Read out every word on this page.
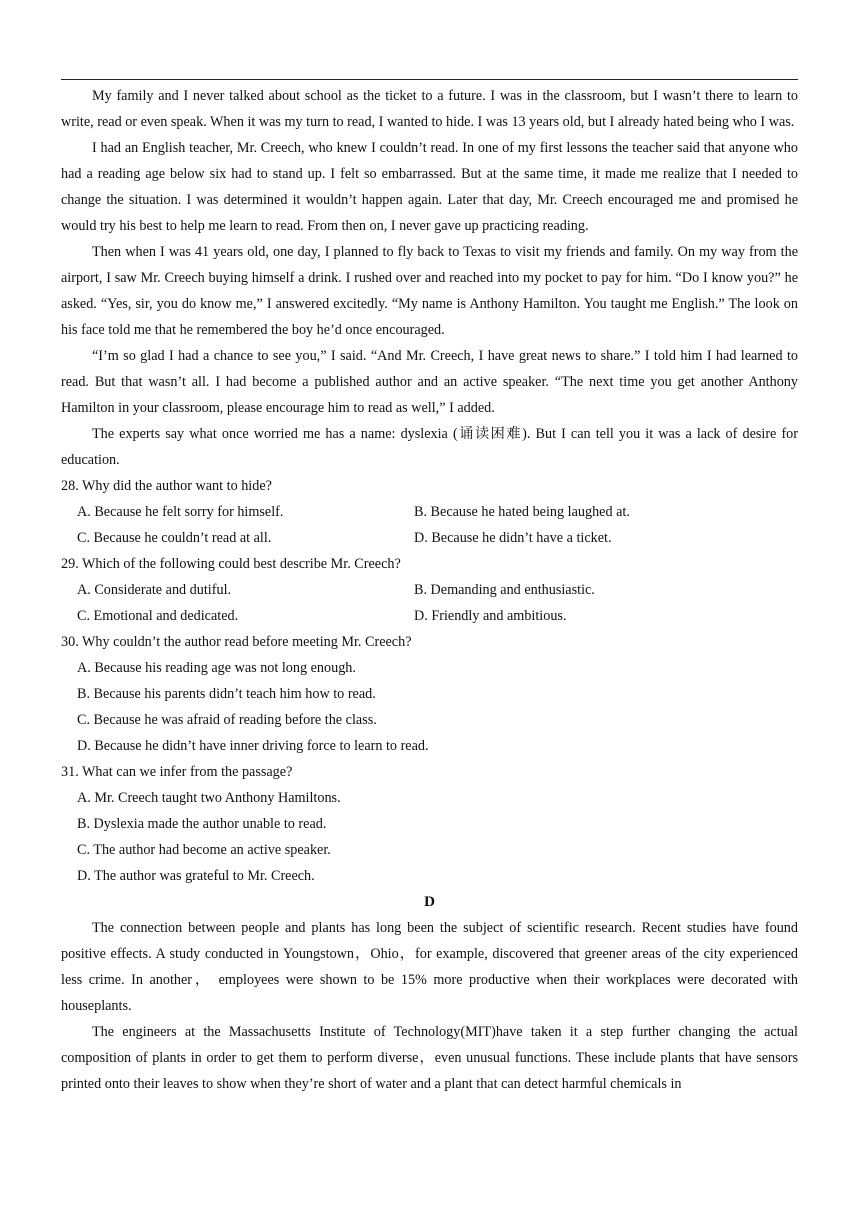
My family and I never talked about school as the ticket to a future. I was in the classroom, but I wasn’t there to learn to write, read or even speak. When it was my turn to read, I wanted to hide. I was 13 years old, but I already hated being who I was.

I had an English teacher, Mr. Creech, who knew I couldn’t read. In one of my first lessons the teacher said that anyone who had a reading age below six had to stand up. I felt so embarrassed. But at the same time, it made me realize that I needed to change the situation. I was determined it wouldn’t happen again. Later that day, Mr. Creech encouraged me and promised he would try his best to help me learn to read. From then on, I never gave up practicing reading.

Then when I was 41 years old, one day, I planned to fly back to Texas to visit my friends and family. On my way from the airport, I saw Mr. Creech buying himself a drink. I rushed over and reached into my pocket to pay for him. “Do I know you?” he asked. “Yes, sir, you do know me,” I answered excitedly. “My name is Anthony Hamilton. You taught me English.” The look on his face told me that he remembered the boy he’d once encouraged.

“I’m so glad I had a chance to see you,” I said. “And Mr. Creech, I have great news to share.” I told him I had learned to read. But that wasn’t all. I had become a published author and an active speaker. “The next time you get another Anthony Hamilton in your classroom, please encourage him to read as well,” I added.

The experts say what once worried me has a name: dyslexia (诵读困难). But I can tell you it was a lack of desire for education.

28. Why did the author want to hide?
A. Because he felt sorry for himself.	B. Because he hated being laughed at.
C. Because he couldn’t read at all.	D. Because he didn’t have a ticket.
29. Which of the following could best describe Mr. Creech?
A. Considerate and dutiful.	B. Demanding and enthusiastic.
C. Emotional and dedicated.	D. Friendly and ambitious.
30. Why couldn’t the author read before meeting Mr. Creech?
A. Because his reading age was not long enough.
B. Because his parents didn’t teach him how to read.
C. Because he was afraid of reading before the class.
D. Because he didn’t have inner driving force to learn to read.
31. What can we infer from the passage?
A. Mr. Creech taught two Anthony Hamiltons.
B. Dyslexia made the author unable to read.
C. The author had become an active speaker.
D. The author was grateful to Mr. Creech.
D

The connection between people and plants has long been the subject of scientific research. Recent studies have found positive effects. A study conducted in Youngstown，Ohio，for example, discovered that greener areas of the city experienced less crime. In another， employees were shown to be 15% more productive when their workplaces were decorated with houseplants.

The engineers at the Massachusetts Institute of Technology(MIT)have taken it a step further changing the actual composition of plants in order to get them to perform diverse，even unusual functions. These include plants that have sensors printed onto their leaves to show when they’re short of water and a plant that can detect harmful chemicals in
